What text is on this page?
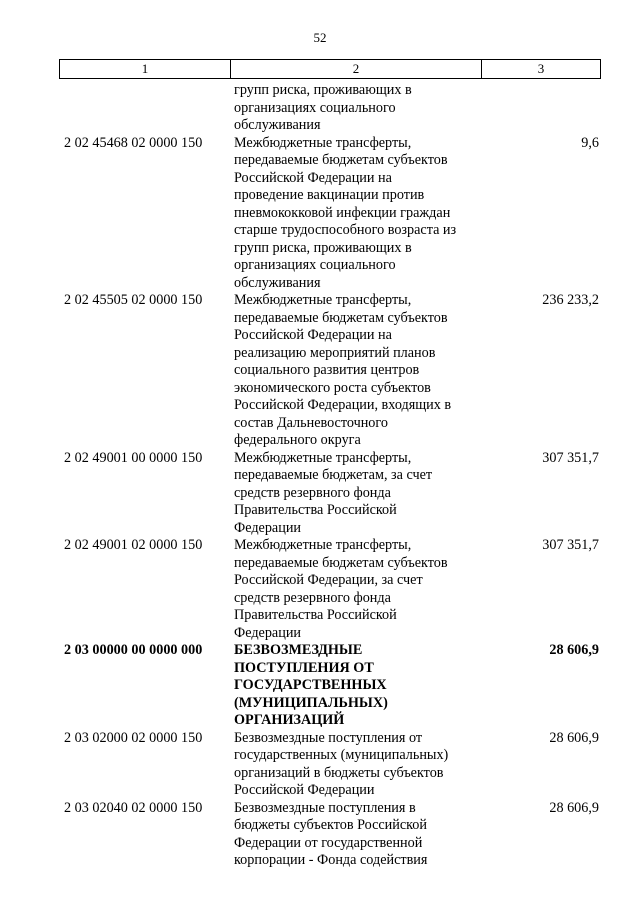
52
1	2	3
групп риска, проживающих в
организациях социального
обслуживания
2 02 45468 02 0000 150 Межбюджетные трансферты,
передаваемые бюджетам субъектов
Российской Федерации на
проведение вакцинации против
пневмококковой инфекции граждан
старше трудоспособного возраста из
групп риска, проживающих в
организациях социального
обслуживания
9,6
2 02 45505 02 0000 150 Межбюджетные трансферты,
передаваемые бюджетам субъектов
Российской Федерации на
реализацию мероприятий планов
социального развития центров
экономического роста субъектов
Российской Федерации, входящих в
состав Дальневосточного
федерального округа
236 233,2
2 02 49001 00 0000 150 Межбюджетные трансферты,
передаваемые бюджетам, за счет
средств резервного фонда
Правительства Российской
Федерации
307 351,7
2 02 49001 02 0000 150 Межбюджетные трансферты,
передаваемые бюджетам субъектов
Российской Федерации, за счет
средств резервного фонда
Правительства Российской
Федерации
307 351,7
2 03 00000 00 0000 000 БЕЗВОЗМЕЗДНЫЕ
ПОСТУПЛЕНИЯ ОТ
ГОСУДАРСТВЕННЫХ
(МУНИЦИПАЛЬНЫХ)
ОРГАНИЗАЦИЙ
28 606,9
2 03 02000 02 0000 150 Безвозмездные поступления от
государственных (муниципальных)
организаций в бюджеты субъектов
Российской Федерации
28 606,9
2 03 02040 02 0000 150 Безвозмездные поступления в
бюджеты субъектов Российской
Федерации от государственной
корпорации - Фонда содействия
28 606,9
